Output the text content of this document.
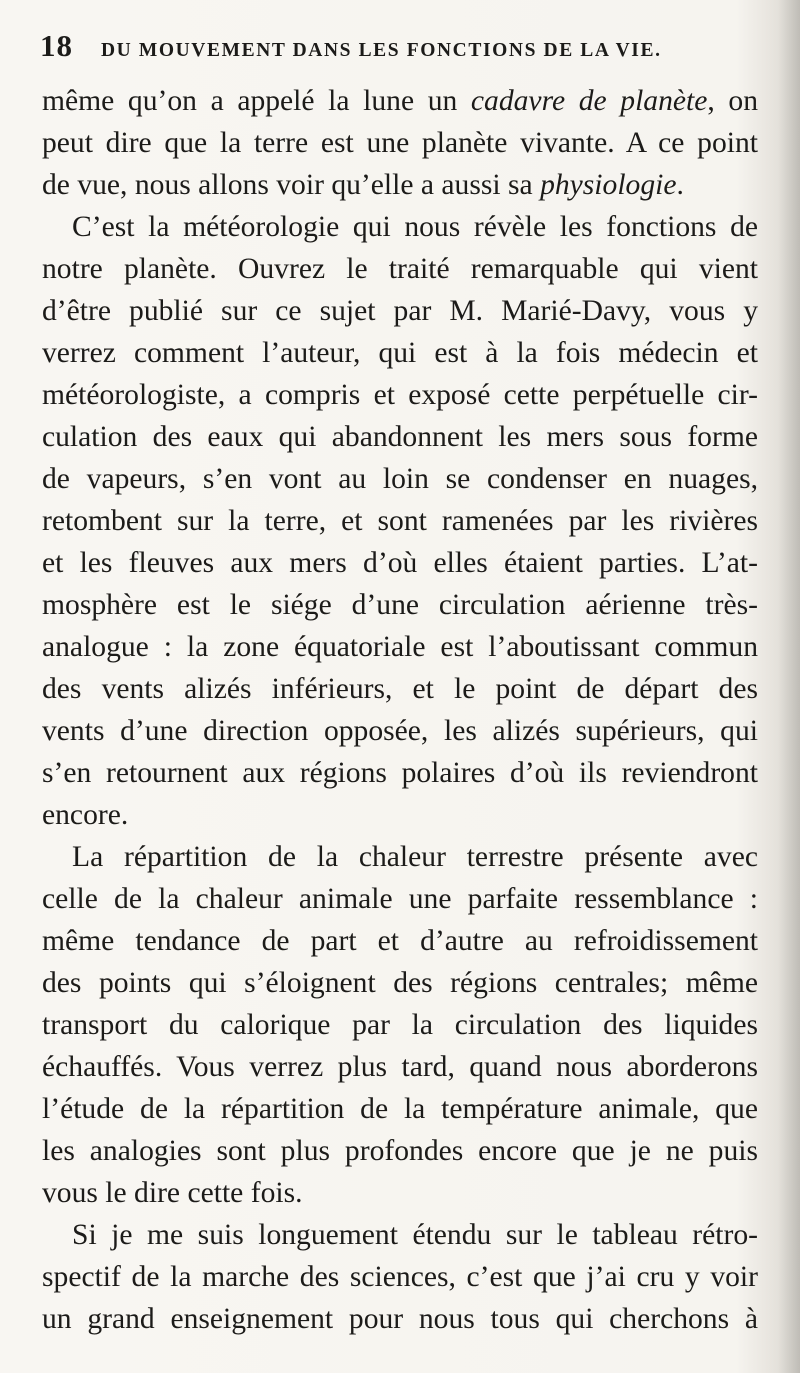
18 DU MOUVEMENT DANS LES FONCTIONS DE LA VIE.
même qu’on a appelé la lune un cadavre de planète, on
peut dire que la terre est une planète vivante. A ce point
de vue, nous allons voir qu’elle a aussi sa physiologie.
C’est la météorologie qui nous révèle les fonctions de
notre planète. Ouvrez le traité remarquable qui vient
d’être publié sur ce sujet par M. Marié-Davy, vous y
verrez comment l’auteur, qui est à la fois médecin et
météorologiste, a compris et exposé cette perpétuelle cir-
culation des eaux qui abandonnent les mers sous forme
de vapeurs, s’en vont au loin se condenser en nuages,
retombent sur la terre, et sont ramenées par les rivières
et les fleuves aux mers d’où elles étaient parties. L’at-
mosphère est le siége d’une circulation aérienne très-
analogue : la zone équatoriale est l’aboutissant commun
des vents alizés inférieurs, et le point de départ des
vents d’une direction opposée, les alizés supérieurs, qui
s’en retournent aux régions polaires d’où ils reviendront
encore.
La répartition de la chaleur terrestre présente avec
celle de la chaleur animale une parfaite ressemblance :
même tendance de part et d’autre au refroidissement
des points qui s’éloignent des régions centrales; même
transport du calorique par la circulation des liquides
échauffés. Vous verrez plus tard, quand nous aborderons
l’étude de la répartition de la température animale, que
les analogies sont plus profondes encore que je ne puis
vous le dire cette fois.
Si je me suis longuement étendu sur le tableau rétro-
spectif de la marche des sciences, c’est que j’ai cru y voir
un grand enseignement pour nous tous qui cherchons à
